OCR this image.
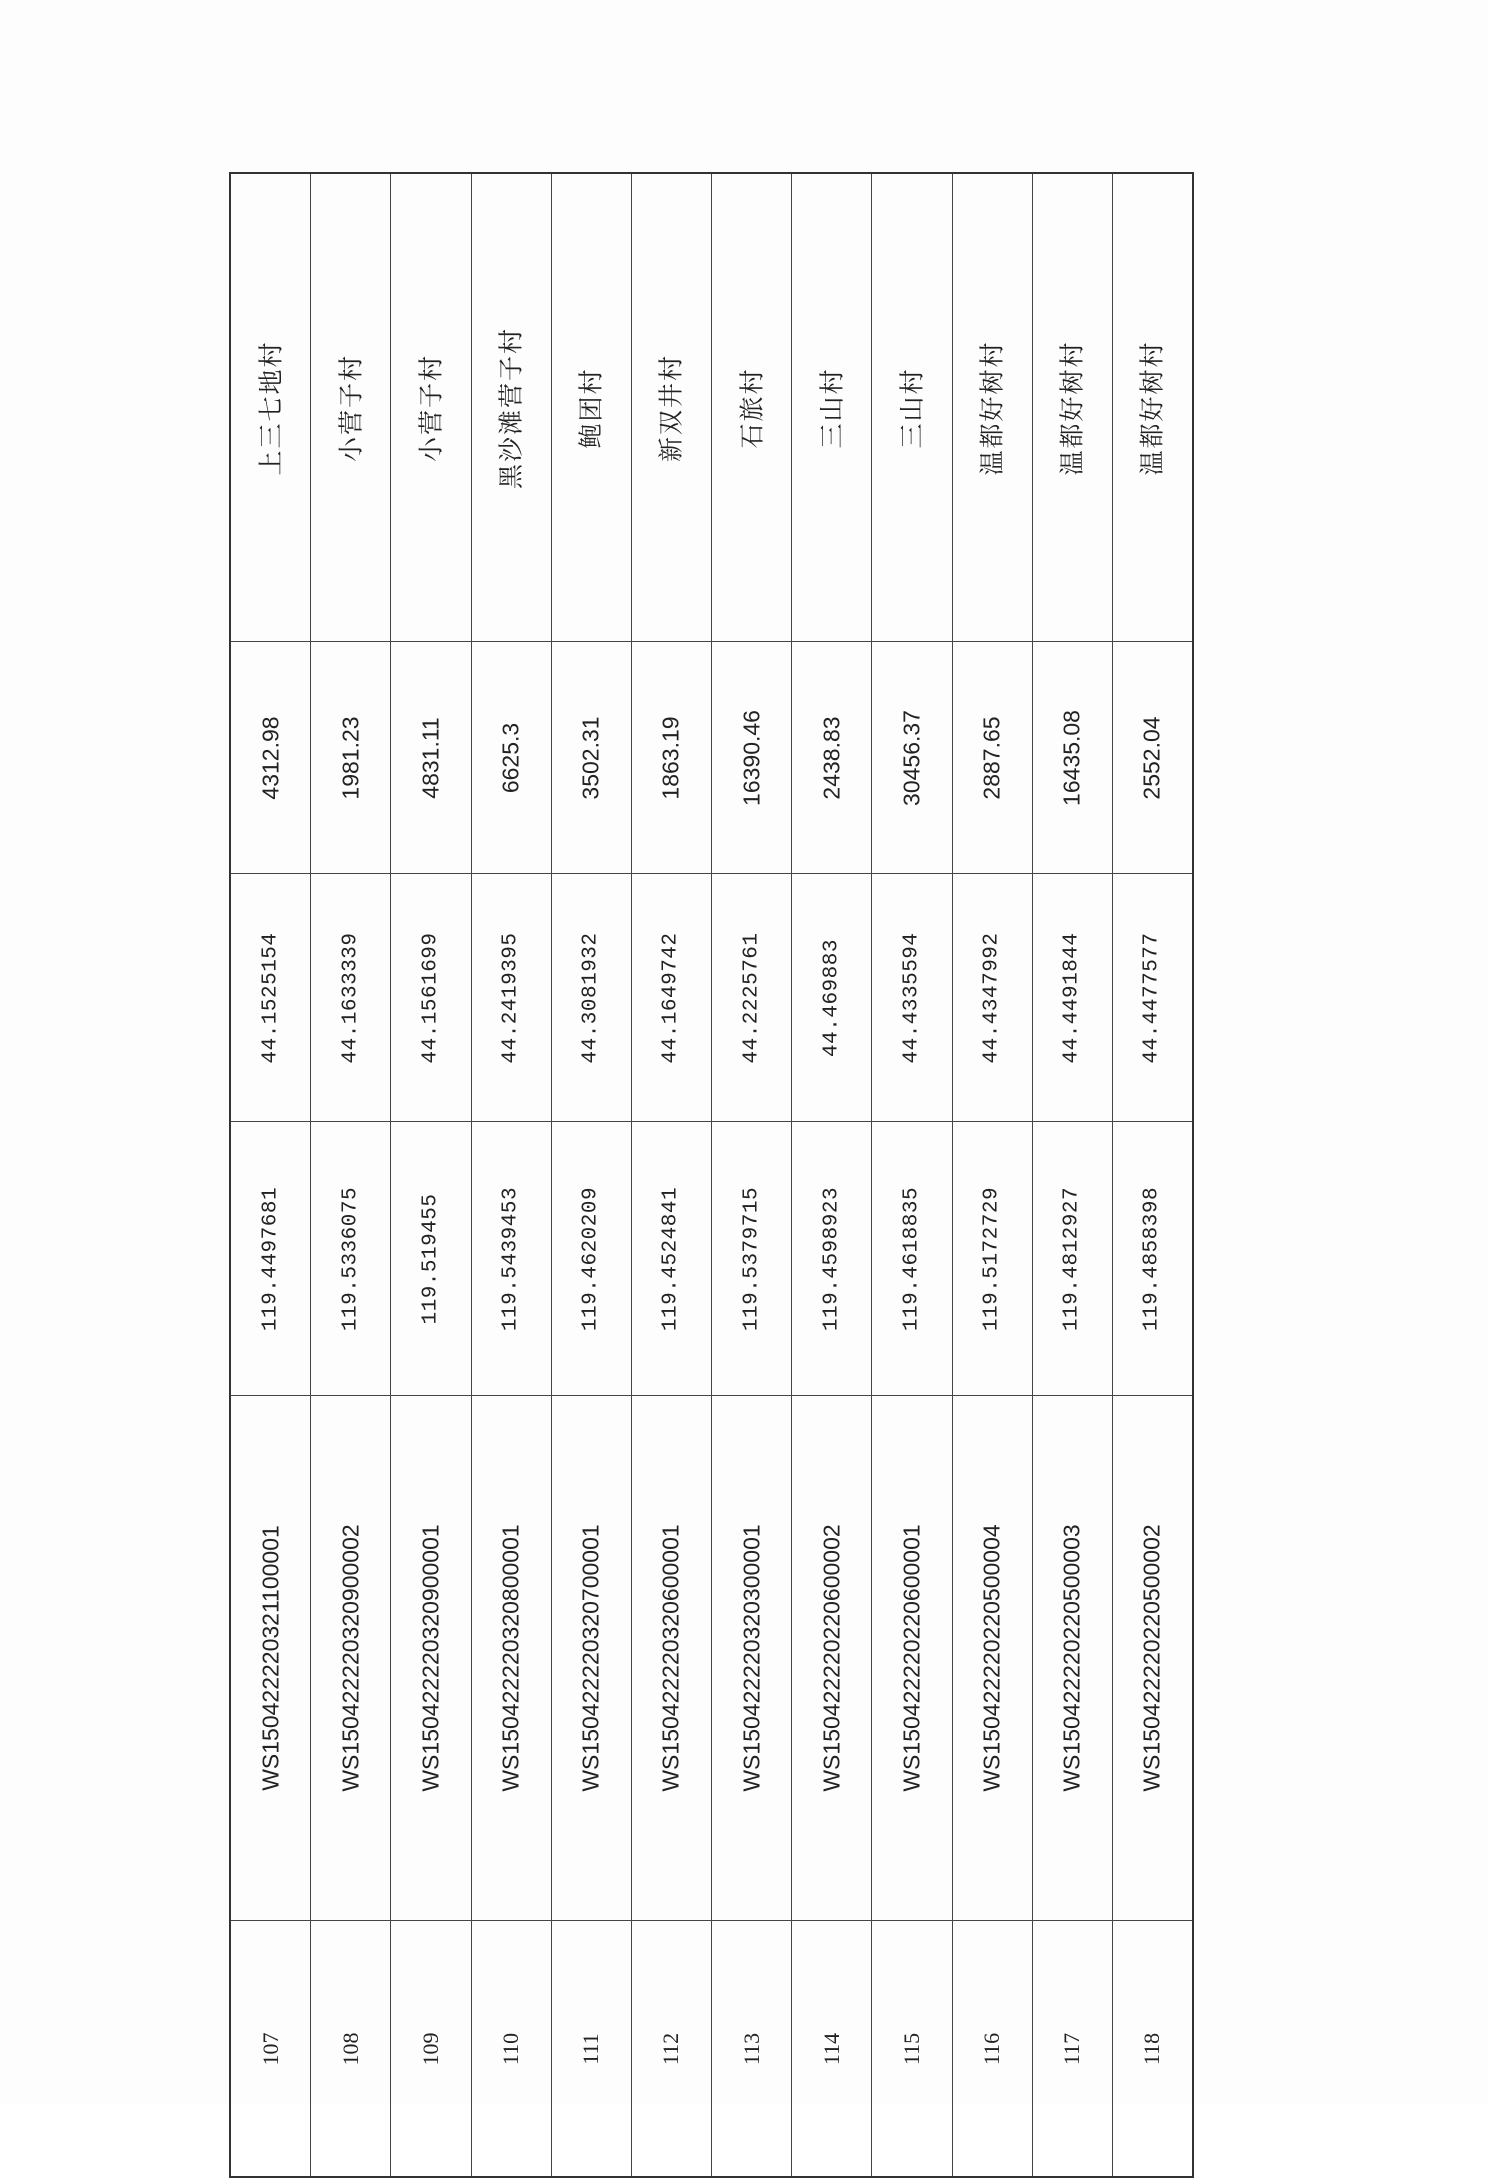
上三七地村
4312.98
44.1525154
119.4497681
WS150422220321100001
107
小营子村
1981.23
44.1633339
119.5336075
WS150422220320900002
108
小营子村
4831.11
44.1561699
119.519455
WS150422220320900001
109
黑沙滩营子村
6625.3
44.2419395
119.5439453
WS150422220320800001
110
鲍团村
3502.31
44.3081932
119.4620209
WS150422220320700001
111
新双井村
1863.19
44.1649742
119.4524841
WS150422220320600001
112
石旅村
16390.46
44.2225761
119.5379715
WS150422220320300001
113
三山村
2438.83
44.469883
119.4598923
WS150422220220600002
114
三山村
30456.37
44.4335594
119.4618835
WS150422220220600001
115
温都好树村
2887.65
44.4347992
119.5172729
WS150422220220500004
116
温都好树村
16435.08
44.4491844
119.4812927
WS150422220220500003
117
温都好树村
2552.04
44.4477577
119.4858398
WS150422220220500002
118
